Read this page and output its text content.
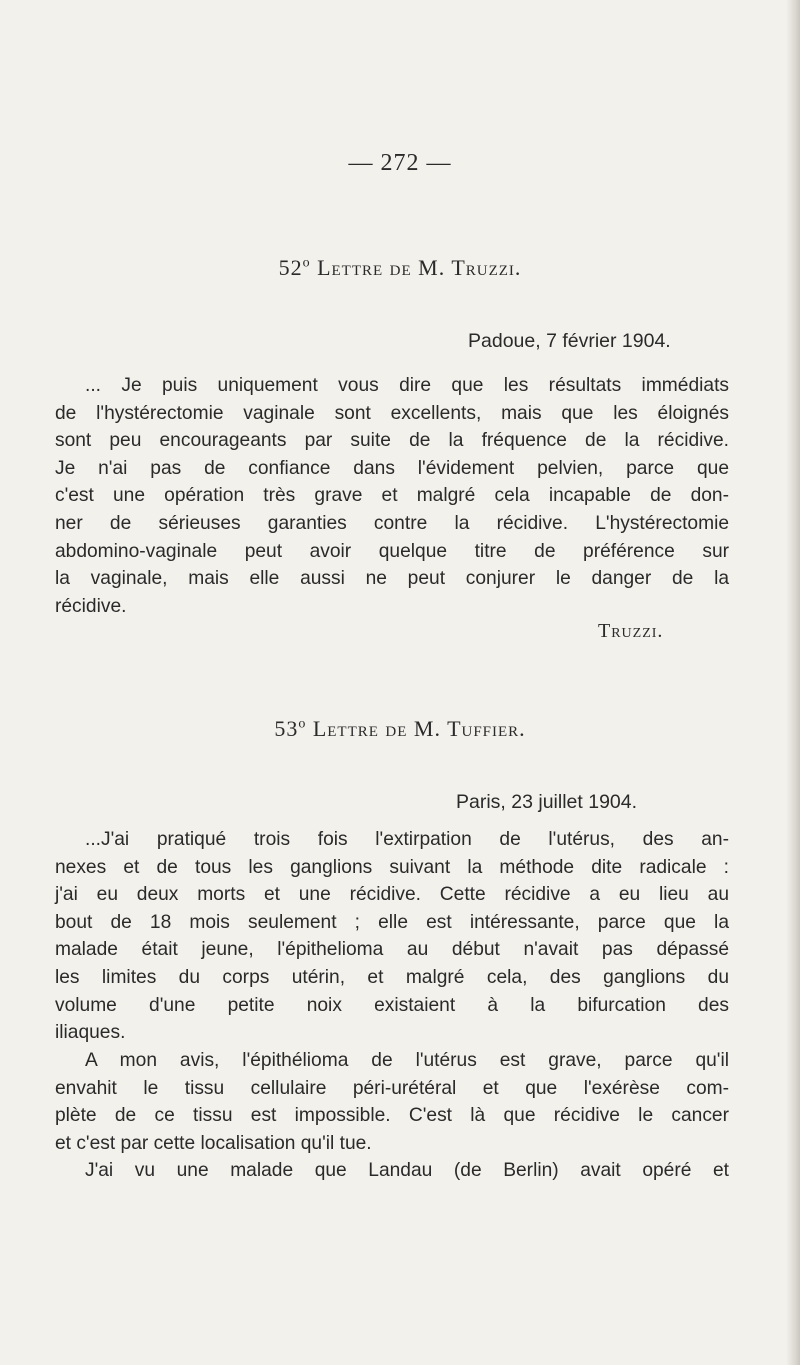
— 272 —
52$^o$ Lettre de M. Truzzi.
Padoue, 7 février 1904.
... Je puis uniquement vous dire que les résultats immédiats
de l'hystérectomie vaginale sont excellents, mais que les éloignés
sont peu encourageants par suite de la fréquence de la récidive.
Je n'ai pas de confiance dans l'évidement pelvien, parce que
c'est une opération très grave et malgré cela incapable de don-
ner de sérieuses garanties contre la récidive. L'hystérectomie
abdomino-vaginale peut avoir quelque titre de préférence sur
la vaginale, mais elle aussi ne peut conjurer le danger de la
récidive.
Truzzi.
53$^o$ Lettre de M. Tuffier.
Paris, 23 juillet 1904.
...J'ai pratiqué trois fois l'extirpation de l'utérus, des an-
nexes et de tous les ganglions suivant la méthode dite radicale :
j'ai eu deux morts et une récidive. Cette récidive a eu lieu au
bout de 18 mois seulement ; elle est intéressante, parce que la
malade était jeune, l'épithelioma au début n'avait pas dépassé
les limites du corps utérin, et malgré cela, des ganglions du
volume d'une petite noix existaient à la bifurcation des
iliaques.
A mon avis, l'épithélioma de l'utérus est grave, parce qu'il
envahit le tissu cellulaire péri-urétéral et que l'exérèse com-
plète de ce tissu est impossible. C'est là que récidive le cancer
et c'est par cette localisation qu'il tue.
J'ai vu une malade que Landau (de Berlin) avait opéré et
